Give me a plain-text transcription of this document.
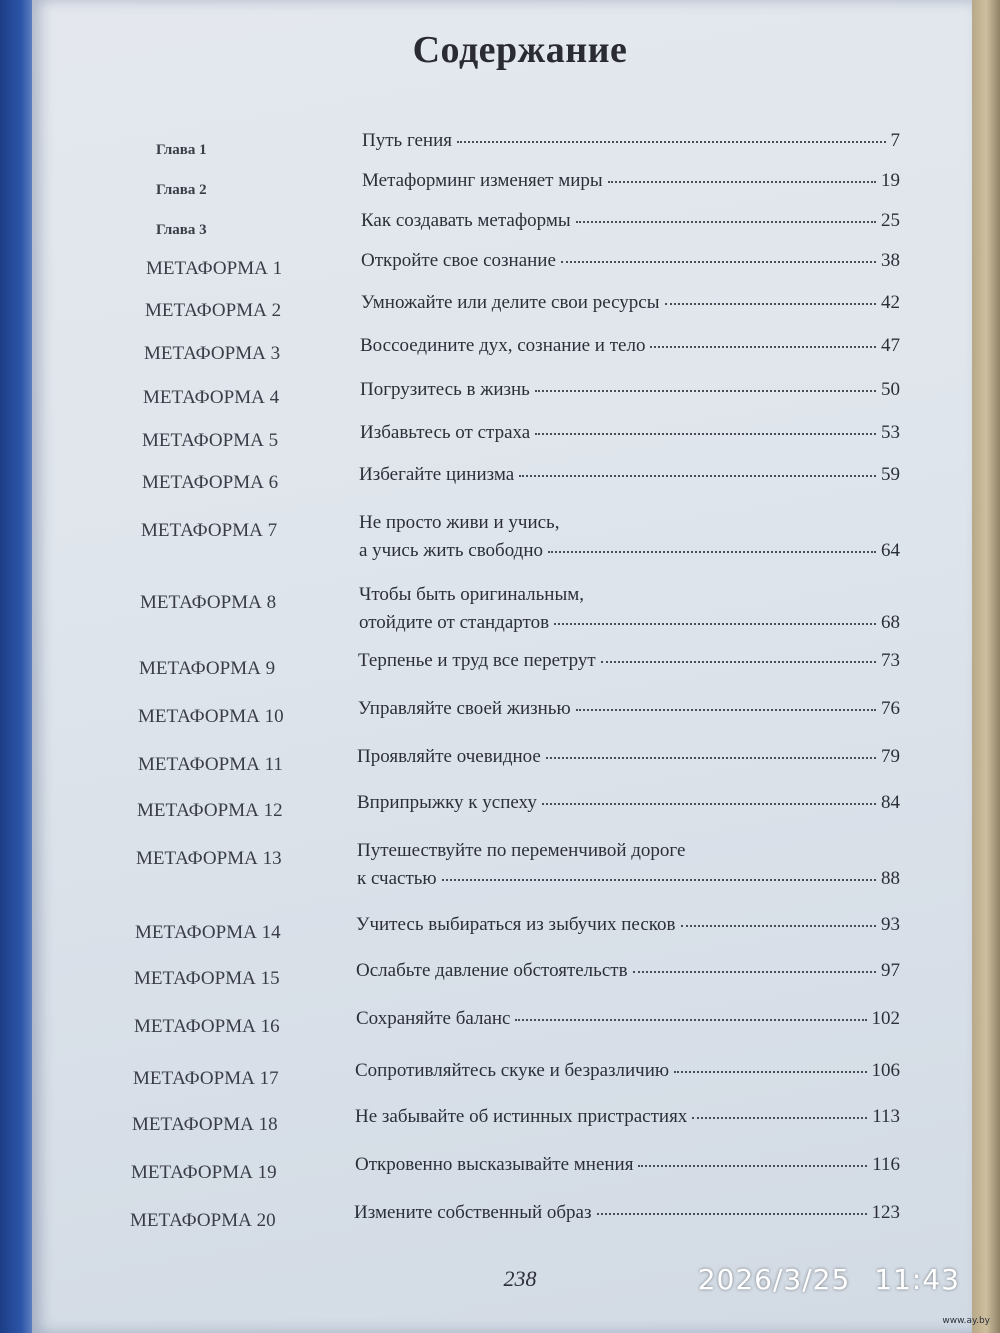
Содержание
Глава 1	Путь гения	7
Глава 2	Метаформинг изменяет миры	19
Глава 3	Как создавать метаформы	25
МЕТАФОРМА 1	Откройте свое сознание	38
МЕТАФОРМА 2	Умножайте или делите свои ресурсы	42
МЕТАФОРМА 3	Воссоедините дух, сознание и тело	47
МЕТАФОРМА 4	Погрузитесь в жизнь	50
МЕТАФОРМА 5	Избавьтесь от страха	53
МЕТАФОРМА 6	Избегайте цинизма	59
МЕТАФОРМА 7	Не просто живи и учись,
а учись жить свободно	64
МЕТАФОРМА 8	Чтобы быть оригинальным,
отойдите от стандартов	68
МЕТАФОРМА 9	Терпенье и труд все перетрут	73
МЕТАФОРМА 10	Управляйте своей жизнью	76
МЕТАФОРМА 11	Проявляйте очевидное	79
МЕТАФОРМА 12	Вприпрыжку к успеху	84
МЕТАФОРМА 13	Путешествуйте по переменчивой дороге
к счастью	88
МЕТАФОРМА 14	Учитесь выбираться из зыбучих песков	93
МЕТАФОРМА 15	Ослабьте давление обстоятельств	97
МЕТАФОРМА 16	Сохраняйте баланс	102
МЕТАФОРМА 17	Сопротивляйтесь скуке и безразличию	106
МЕТАФОРМА 18	Не забывайте об истинных пристрастиях	113
МЕТАФОРМА 19	Откровенно высказывайте мнения	116
МЕТАФОРМА 20	Измените собственный образ	123
238	2026/3/25 11:43
www.ay.by
